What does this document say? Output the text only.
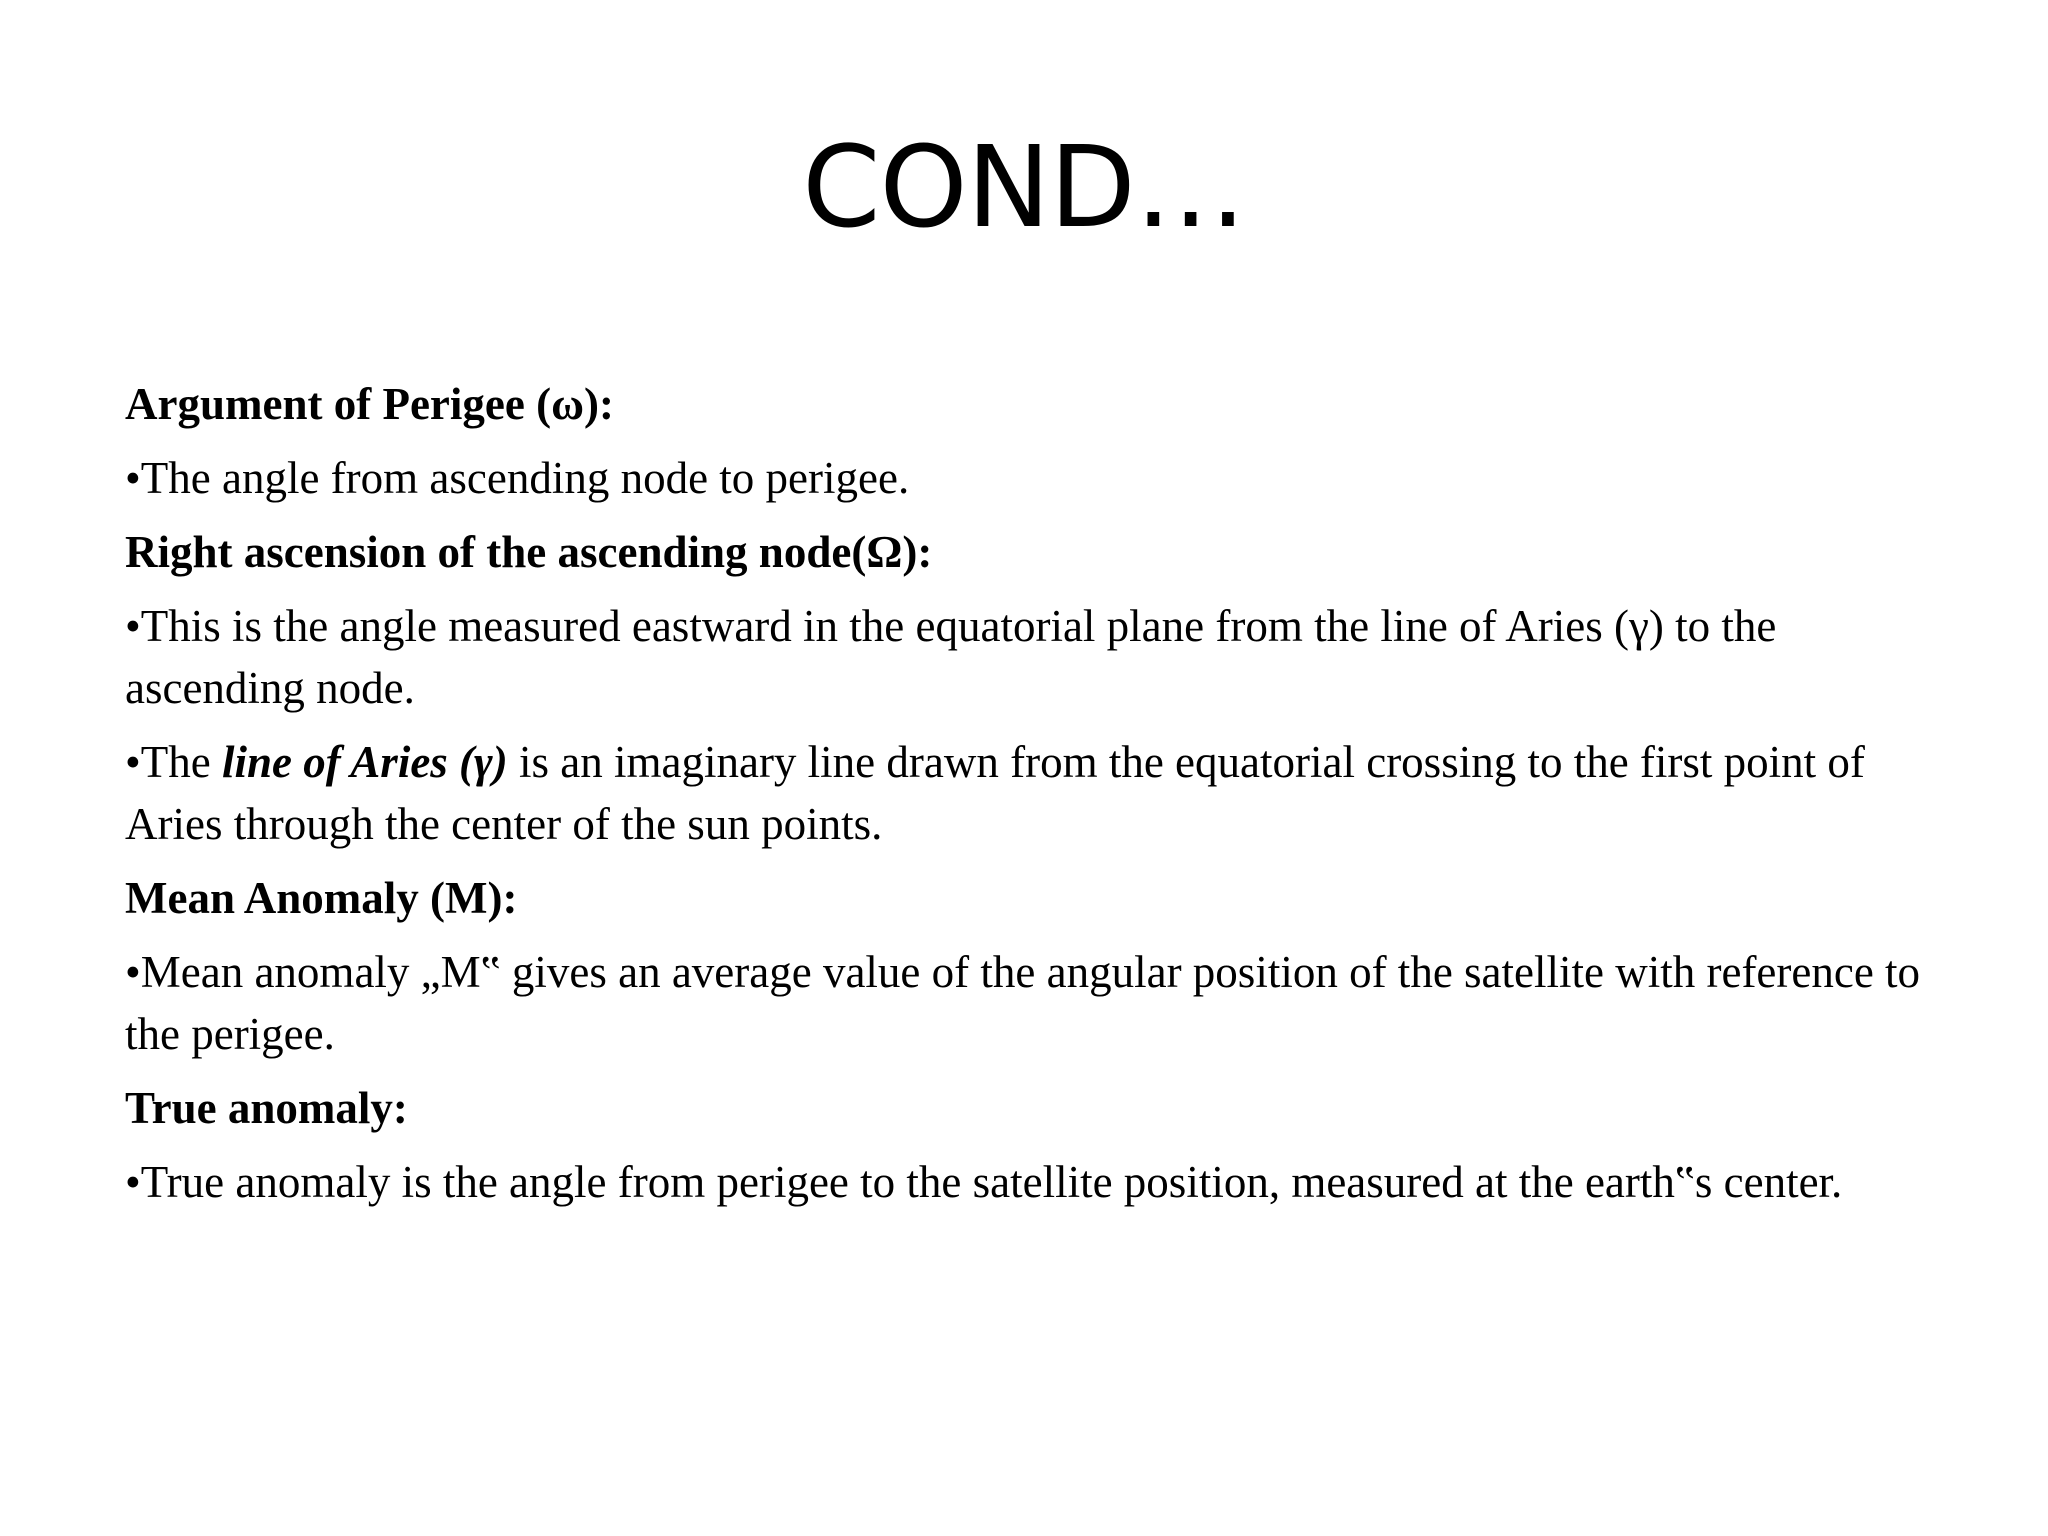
COND…

Argument of Perigee (ω):

•The angle from ascending node to perigee.

Right ascension of the ascending node(Ω):

•This is the angle measured eastward in the equatorial plane from the line of Aries (γ) to the ascending node.

•The line of Aries (γ) is an imaginary line drawn from the equatorial crossing to the first point of Aries through the center of the sun points.

Mean Anomaly (M):

•Mean anomaly „M‟ gives an average value of the angular position of the satellite with reference to the perigee.

True anomaly:

•True anomaly is the angle from perigee to the satellite position, measured at the earth‟s center.
